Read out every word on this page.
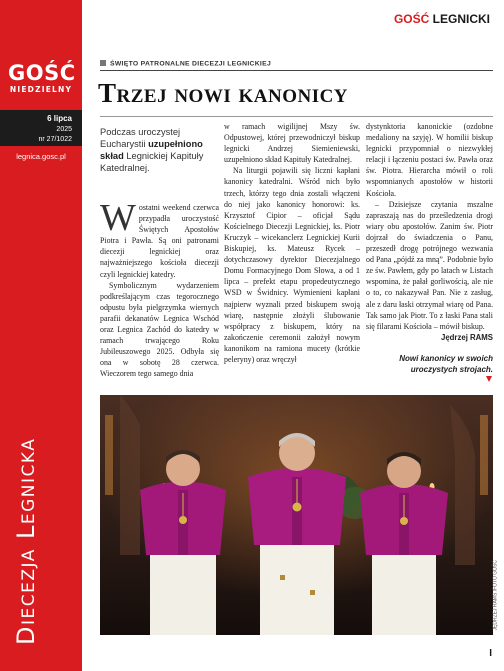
GOŚĆ
NIEDZIELNY
6 lipca
2025
nr 27/1022
legnica.gosc.pl
Diecezja Legnicka
GOŚĆ LEGNICKI
ŚWIĘTO PATRONALNE DIECEZJI LEGNICKIEJ
Trzej nowi kanonicy
Podczas uroczystej Eucharystii uzupełniono skład Legnickiej Kapituły Katedralnej.

Wostatni weekend czerwca przypadła uroczystość Świętych Apostołów Piotra i Pawła. Są oni patronami diecezji legnickiej oraz najważniejszego kościoła diecezji czyli legnickiej katedry.

Symbolicznym wydarzeniem podkreślającym czas tegorocznego odpustu była pielgrzymka wiernych parafii dekanatów Legnica Wschód oraz Legnica Zachód do katedry w ramach trwającego Roku Jubileuszowego 2025. Odbyła się ona w sobotę 28 czerwca. Wieczorem tego samego dnia

w ramach wigilijnej Mszy św. Odpustowej, której przewodniczył biskup legnicki Andrzej Siemieniewski, uzupełniono skład Kapituły Katedralnej.

Na liturgii pojawili się liczni kapłani kanonicy katedralni. Wśród nich było trzech, którzy tego dnia zostali włączeni do niej jako kanonicy honorowi: ks. Krzysztof Cipior – oficjał Sądu Kościelnego Diecezji Legnickiej, ks. Piotr Kruczyk – wicekanclerz Legnickiej Kurii Biskupiej, ks. Mateusz Rycek – dotychczasowy dyrektor Diecezjalnego Domu Formacyjnego Dom Słowa, a od 1 lipca – prefekt etapu propedeutycznego WSD w Świdnicy. Wymienieni kapłani najpierw wyznali przed biskupem swoją wiarę, następnie złożyli ślubowanie współpracy z biskupem, który na zakończenie ceremonii założył nowym kanonikom na ramiona mucety (krótkie peleryny) oraz wręczył

dystynktoria kanonickie (ozdobne medaliony na szyję). W homilii biskup legnicki przypomniał o niezwykłej relacji i łączeniu postaci św. Pawła oraz św. Piotra. Hierarcha mówił o roli wspomnianych apostołów w historii Kościoła.

– Dzisiejsze czytania mszalne zapraszają nas do prześledzenia drogi wiary obu apostołów. Zanim św. Piotr dojrzał do świadczenia o Panu, przeszedł drogę potrójnego wezwania od Pana „pójdź za mną”. Podobnie było ze św. Pawłem, gdy po latach w Listach wspomina, że pałał gorliwością, ale nie o to, co nakazywał Pan. Nie z zasług, ale z daru łaski otrzymał wiarę od Pana. Tak samo jak Piotr. To z łaski Pana stali się filarami Kościoła – mówił biskup.

Jędrzej RAMS
Nowi kanonicy w swoich uroczystych strojach.
JĘDRZEJ RAMS /FOTO GOŚĆ
I
